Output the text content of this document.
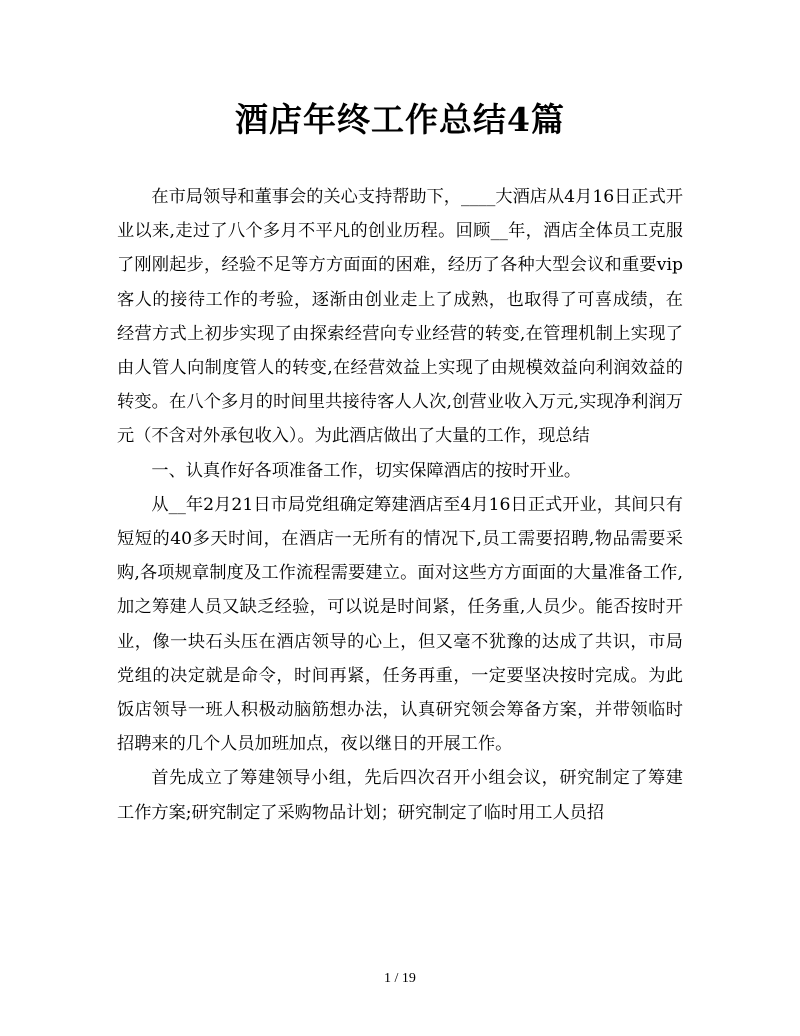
酒店年终工作总结4篇

在市局领导和董事会的关心支持帮助下，____大酒店从4月16日正式开业以来,走过了八个多月不平凡的创业历程。回顾__年，酒店全体员工克服了刚刚起步，经验不足等方方面面的困难，经历了各种大型会议和重要vip客人的接待工作的考验，逐渐由创业走上了成熟，也取得了可喜成绩，在经营方式上初步实现了由探索经营向专业经营的转变,在管理机制上实现了由人管人向制度管人的转变,在经营效益上实现了由规模效益向利润效益的转变。在八个多月的时间里共接待客人人次,创营业收入万元,实现净利润万元（不含对外承包收入）。为此酒店做出了大量的工作，现总结

一、认真作好各项准备工作，切实保障酒店的按时开业。

从__年2月21日市局党组确定筹建酒店至4月16日正式开业，其间只有短短的40多天时间，在酒店一无所有的情况下,员工需要招聘,物品需要采购,各项规章制度及工作流程需要建立。面对这些方方面面的大量准备工作,加之筹建人员又缺乏经验，可以说是时间紧，任务重,人员少。能否按时开业，像一块石头压在酒店领导的心上，但又毫不犹豫的达成了共识，市局党组的决定就是命令，时间再紧，任务再重，一定要坚决按时完成。为此饭店领导一班人积极动脑筋想办法，认真研究领会筹备方案，并带领临时招聘来的几个人员加班加点，夜以继日的开展工作。

首先成立了筹建领导小组，先后四次召开小组会议，研究制定了筹建工作方案;研究制定了采购物品计划；研究制定了临时用工人员招

1 / 19
